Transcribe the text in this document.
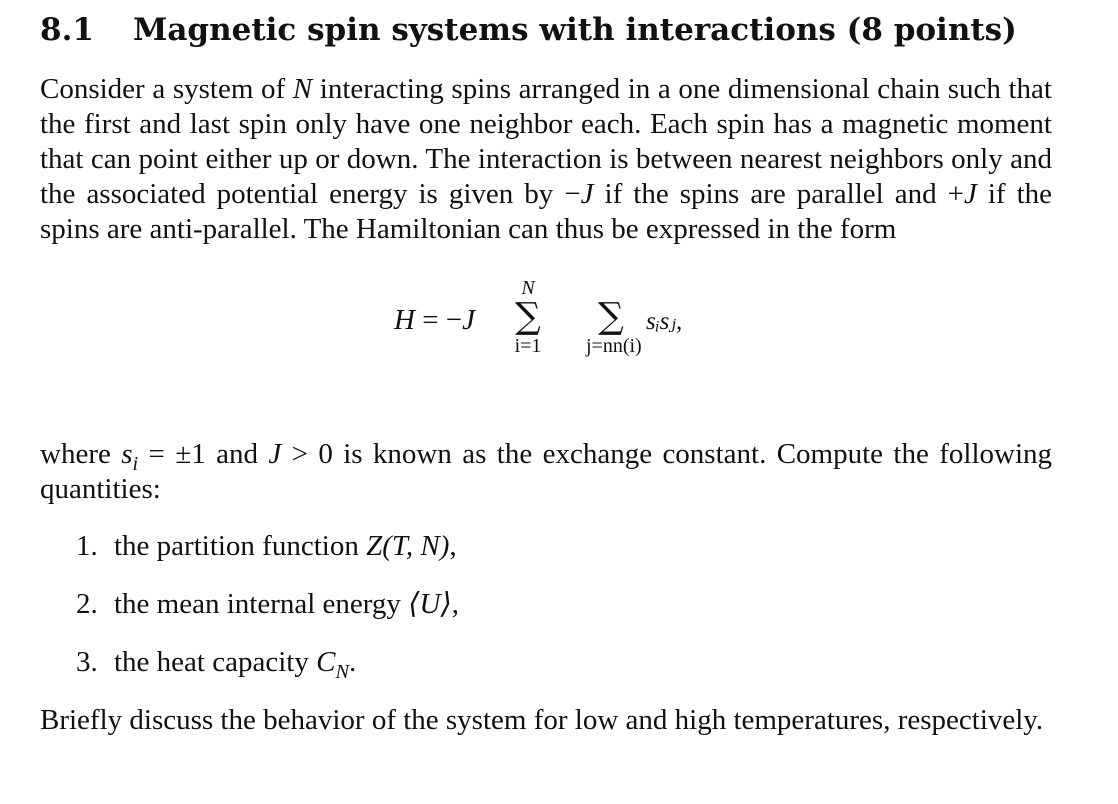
8.1 Magnetic spin systems with interactions (8 points)

Consider a system of N interacting spins arranged in a one dimensional chain such that the first and last spin only have one neighbor each. Each spin has a magnetic moment that can point either up or down. The interaction is between nearest neighbors only and the associated potential energy is given by −J if the spins are parallel and +J if the spins are anti-parallel. The Hamiltonian can thus be expressed in the form

H = −J
N
∑
i=1
∑
j=nn(i)
sᵢsⱼ,

where $s_i = \pm 1$ and J > 0 is known as the exchange constant. Compute the following quantities:

1. the partition function Z(T, N),
2. the mean internal energy ⟨U⟩,
3. the heat capacity $C_N$.

Briefly discuss the behavior of the system for low and high temperatures, respectively.
